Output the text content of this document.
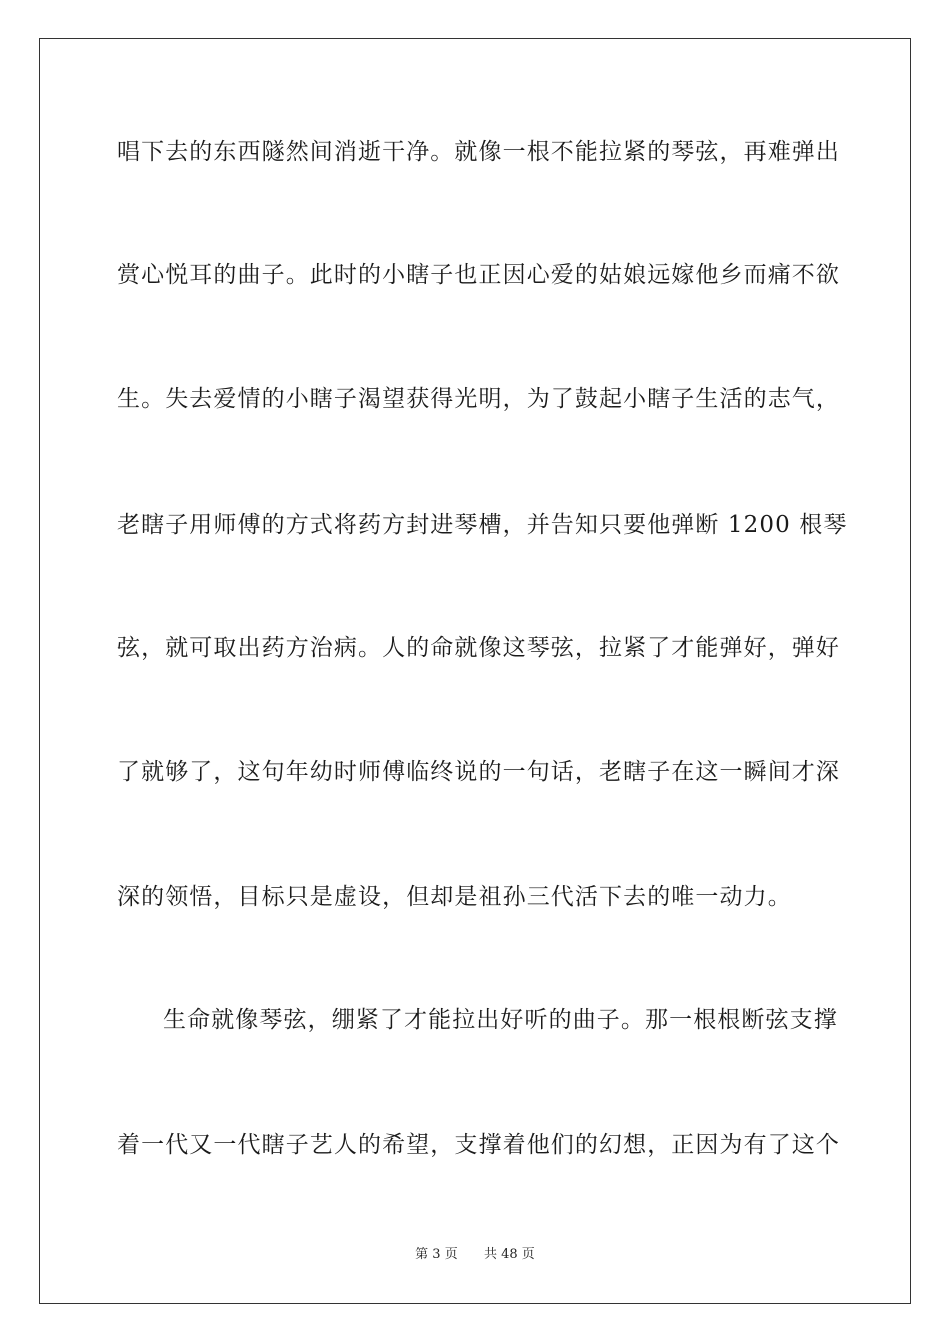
唱下去的东西隧然间消逝干净。就像一根不能拉紧的琴弦，再难弹出
赏心悦耳的曲子。此时的小瞎子也正因心爱的姑娘远嫁他乡而痛不欲
生。失去爱情的小瞎子渴望获得光明，为了鼓起小瞎子生活的志气，
老瞎子用师傅的方式将药方封进琴槽，并告知只要他弹断 1200 根琴
弦，就可取出药方治病。人的命就像这琴弦，拉紧了才能弹好，弹好
了就够了，这句年幼时师傅临终说的一句话，老瞎子在这一瞬间才深
深的领悟，目标只是虚设，但却是祖孙三代活下去的唯一动力。
生命就像琴弦，绷紧了才能拉出好听的曲子。那一根根断弦支撑
着一代又一代瞎子艺人的希望，支撑着他们的幻想，正因为有了这个
第 3 页 共 48 页
